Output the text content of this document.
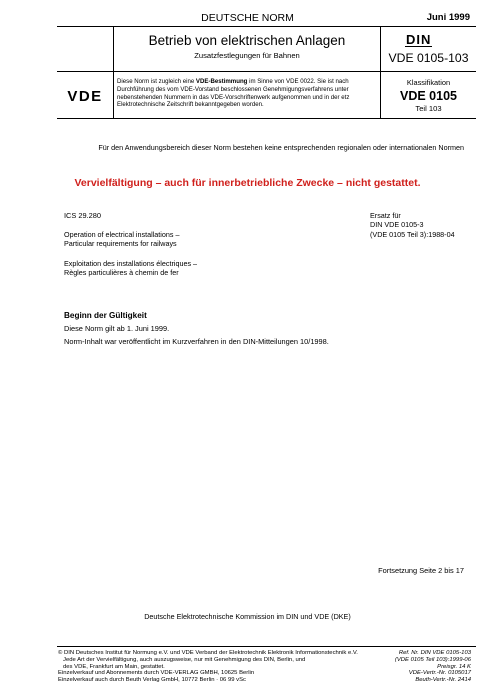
DEUTSCHE NORM	Juni 1999
Betrieb von elektrischen Anlagen
Zusatzfestlegungen für Bahnen
DIN
VDE 0105-103
VDE
Diese Norm ist zugleich eine VDE-Bestimmung im Sinne von VDE 0022. Sie ist nach Durchführung des vom VDE-Vorstand beschlossenen Genehmigungsverfahrens unter nebenstehenden Nummern in das VDE-Vorschriftenwerk aufgenommen und in der etz Elektrotechnische Zeitschrift bekanntgegeben worden.
Klassifikation
VDE 0105
Teil 103
Für den Anwendungsbereich dieser Norm bestehen keine entsprechenden regionalen oder internationalen Normen
Vervielfältigung – auch für innerbetriebliche Zwecke – nicht gestattet.
ICS 29.280
Operation of electrical installations –
Particular requirements for railways
Exploitation des installations électriques –
Règles particulières à chemin de fer
Ersatz für
DIN VDE 0105-3
(VDE 0105 Teil 3):1988-04
Beginn der Gültigkeit
Diese Norm gilt ab 1. Juni 1999.
Norm-Inhalt war veröffentlicht im Kurzverfahren in den DIN-Mitteilungen 10/1998.
Fortsetzung Seite 2 bis 17
Deutsche Elektrotechnische Kommission im DIN und VDE (DKE)
© DIN Deutsches Institut für Normung e.V. und VDE Verband der Elektrotechnik Elektronik Informationstechnik e.V.
Jede Art der Vervielfältigung, auch auszugsweise, nur mit Genehmigung des DIN, Berlin, und
des VDE, Frankfurt am Main, gestattet.
Einzelverkauf und Abonnements durch VDE-VERLAG GMBH, 10625 Berlin
Einzelverkauf auch durch Beuth Verlag GmbH, 10772 Berlin · 06 99 vSc
Ref. Nr. DIN VDE 0105-103
(VDE 0105 Teil 103):1999-06
Preisgr. 14 K
VDE-Vertr.-Nr. 0105017
Beuth-Vertr.-Nr. 2414
